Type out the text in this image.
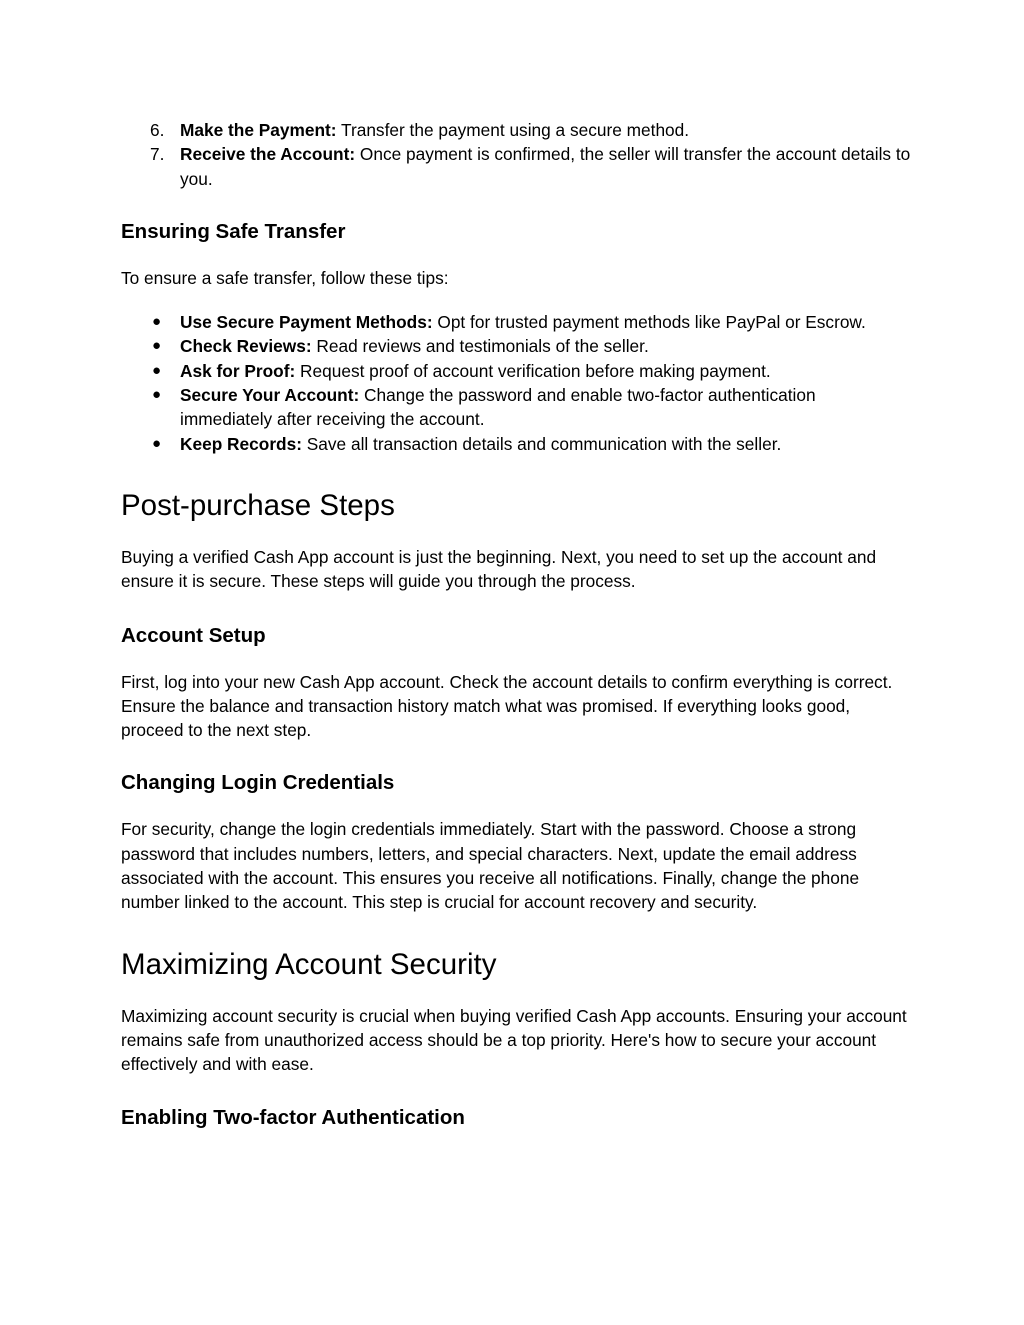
6. Make the Payment: Transfer the payment using a secure method.
7. Receive the Account: Once payment is confirmed, the seller will transfer the account details to you.
Ensuring Safe Transfer

To ensure a safe transfer, follow these tips:

● Use Secure Payment Methods: Opt for trusted payment methods like PayPal or Escrow.
● Check Reviews: Read reviews and testimonials of the seller.
● Ask for Proof: Request proof of account verification before making payment.
● Secure Your Account: Change the password and enable two-factor authentication immediately after receiving the account.
● Keep Records: Save all transaction details and communication with the seller.
Post-purchase Steps

Buying a verified Cash App account is just the beginning. Next, you need to set up the account and ensure it is secure. These steps will guide you through the process.

Account Setup

First, log into your new Cash App account. Check the account details to confirm everything is correct. Ensure the balance and transaction history match what was promised. If everything looks good, proceed to the next step.

Changing Login Credentials

For security, change the login credentials immediately. Start with the password. Choose a strong password that includes numbers, letters, and special characters. Next, update the email address associated with the account. This ensures you receive all notifications. Finally, change the phone number linked to the account. This step is crucial for account recovery and security.

Maximizing Account Security

Maximizing account security is crucial when buying verified Cash App accounts. Ensuring your account remains safe from unauthorized access should be a top priority. Here's how to secure your account effectively and with ease.

Enabling Two-factor Authentication
